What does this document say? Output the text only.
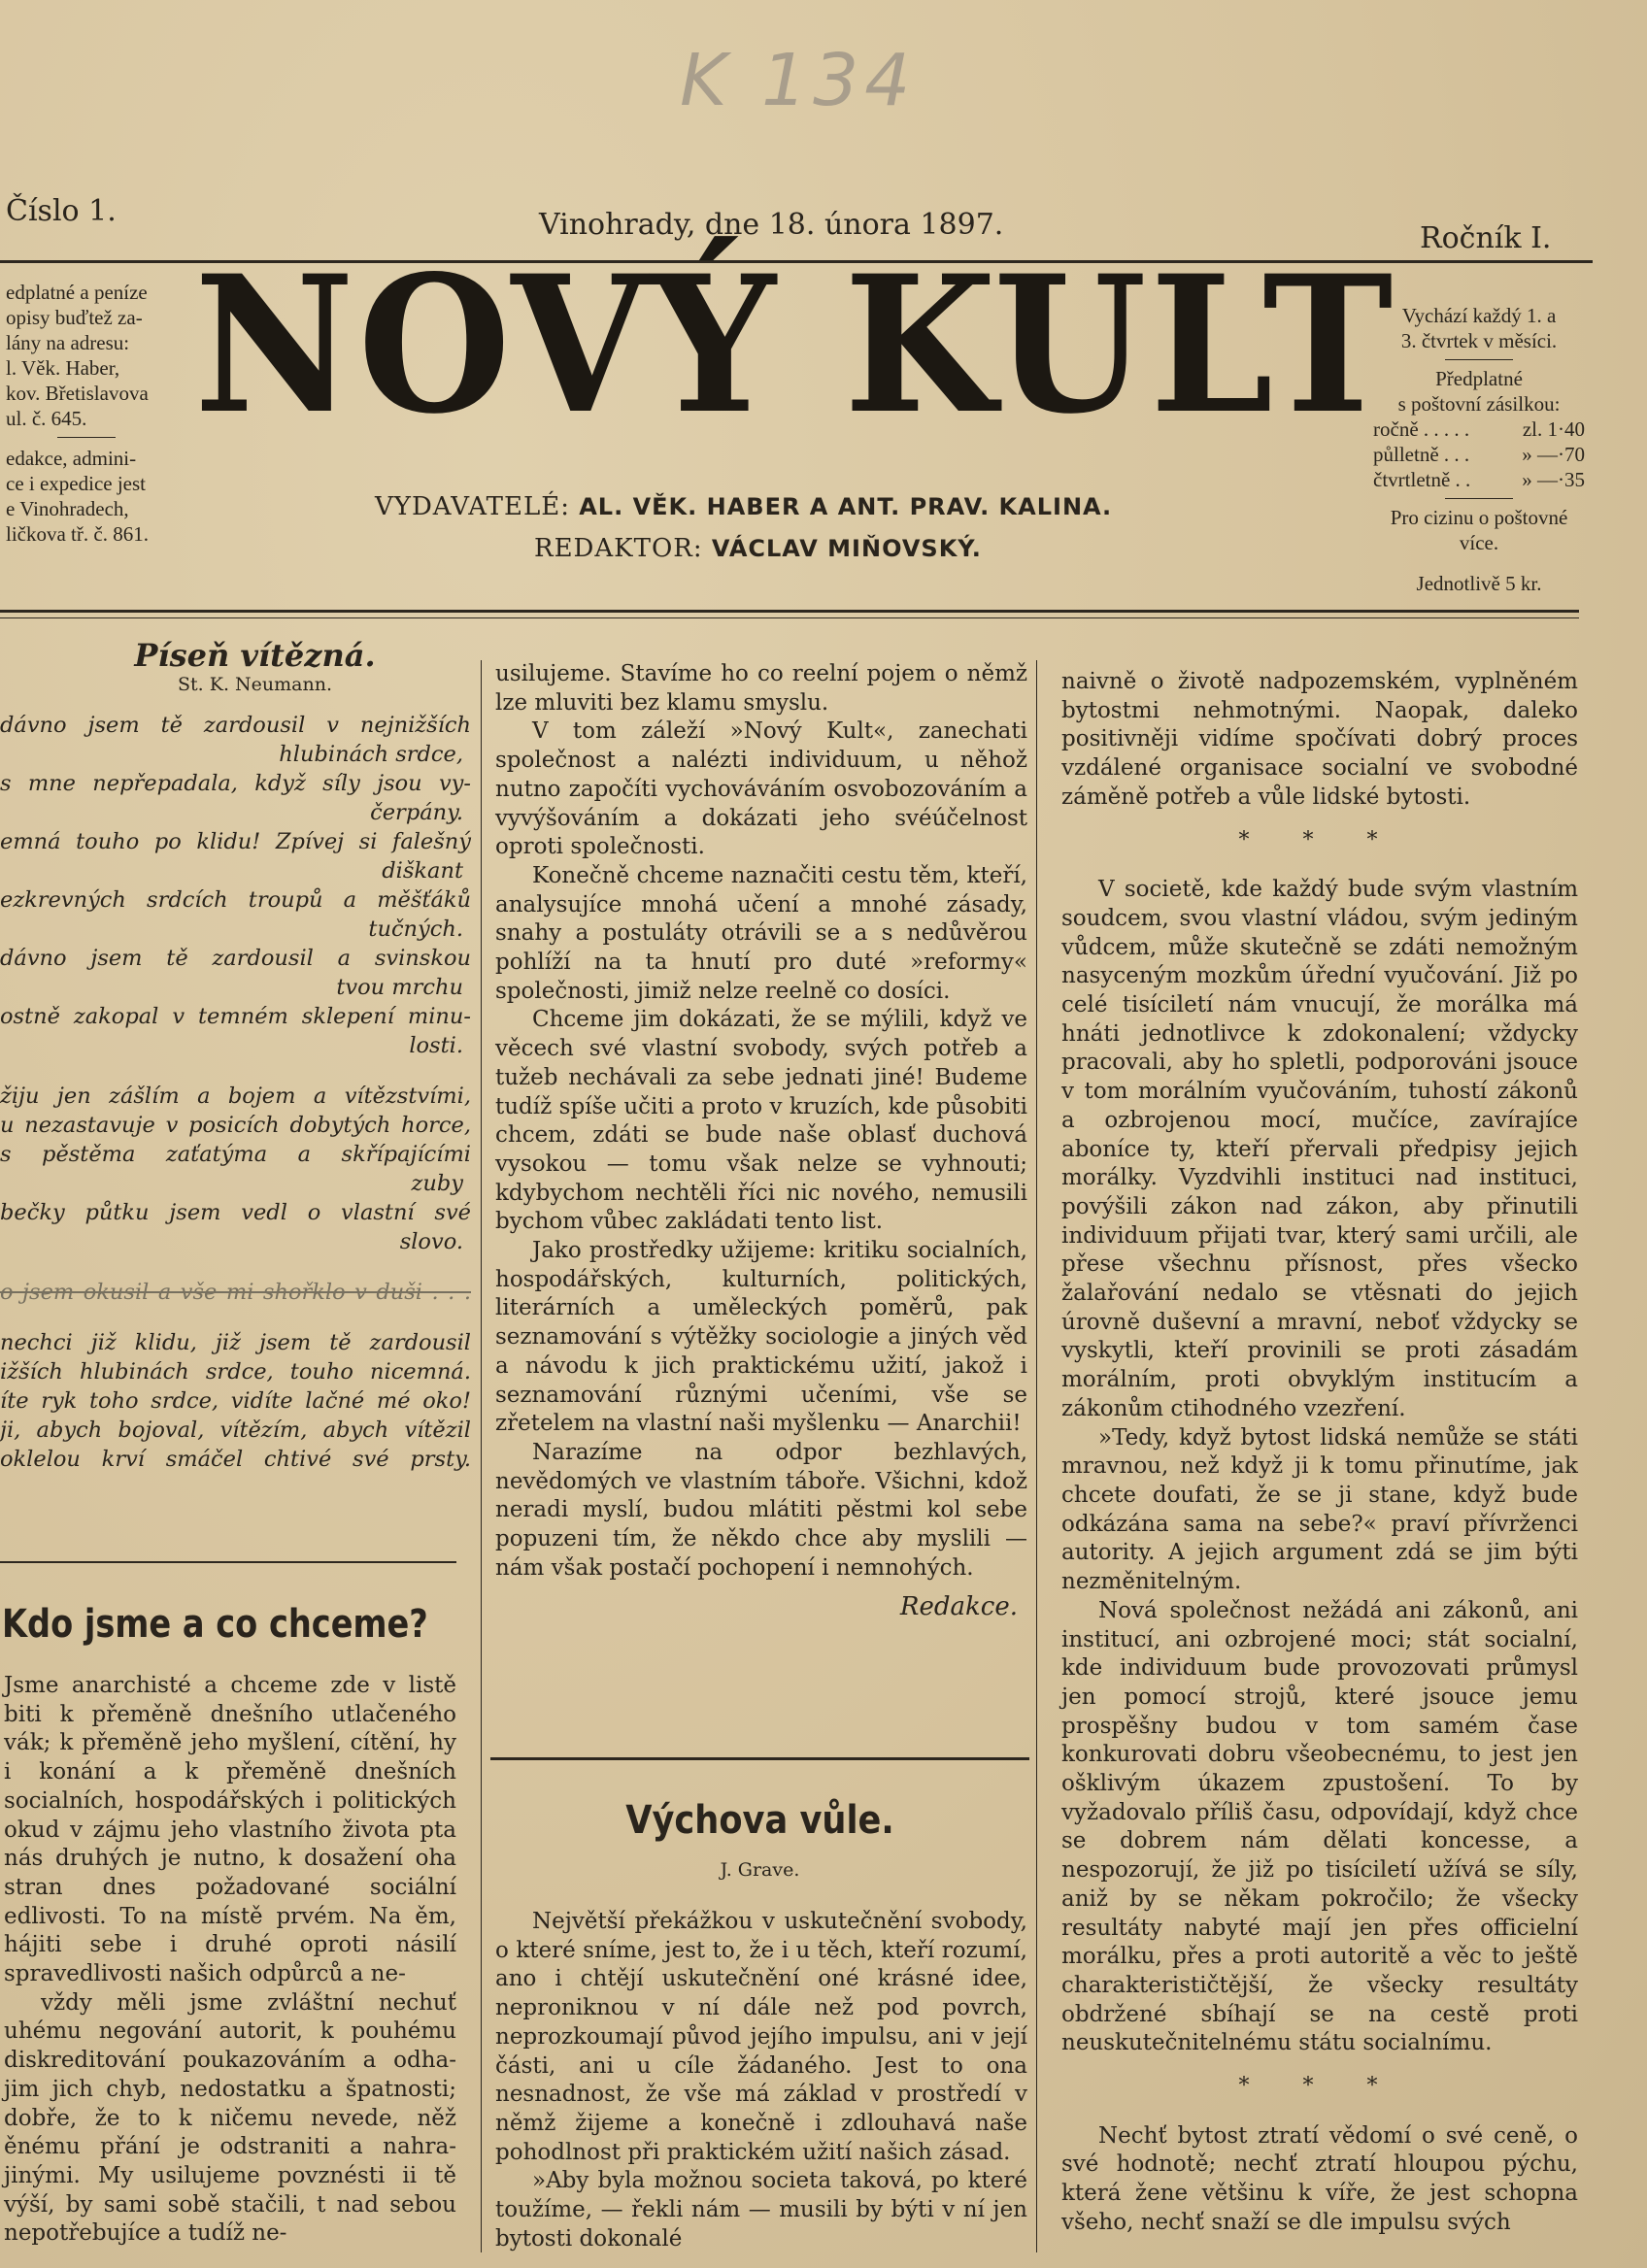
K 134
Číslo 1.	Vinohrady, dne 18. února 1897.	Ročník I.
edplatné a peníze
opisy buďtež za-
lány na adresu:
l. Věk. Haber,
kov. Břetislavova
ul. č. 645.
edakce, admini-
ce i expedice jest
e Vinohradech,
ličkova tř. č. 861.
NOVÝ KULT Vychází každý 1. a
3. čtvrtek v měsíci.
Předplatné
s poštovní zásilkou:
ročně . . . . .	zl. 1·40
půlletně . . .	» —·70
čtvrtletně . .	» —·35
Pro cizinu o poštovné
více.
Jednotlivě 5 kr.
VYDAVATELÉ: AL. VĚK. HABER A ANT. PRAV. KALINA.
REDAKTOR: VÁCLAV MIŇOVSKÝ.
Píseň vítězná.
St. K. Neumann.
dávno jsem tě zardousil v nejnižších
hlubinách srdce,
s mne nepřepadala, když síly jsou vy-
čerpány.
emná touho po klidu! Zpívej si falešný
diškant
ezkrevných srdcích troupů a měšťáků
tučných.
dávno jsem tě zardousil a svinskou
tvou mrchu
ostně zakopal v temném sklepení minu-
losti.
žiju jen zášlím a bojem a vítězstvími,
u nezastavuje v posicích dobytých horce,
s pěstěma zaťatýma a skřípajícími
zuby
bečky půtku jsem vedl o vlastní své
slovo.
o jsem okusil a vše mi shořklo v duši . . .
nechci již klidu, již jsem tě zardousil
ižších hlubinách srdce, touho nicemná.
íte ryk toho srdce, vidíte lačné mé oko!
ji, abych bojoval, vítězím, abych vítězil
oklelou krví smáčel chtivé své prsty.
Kdo jsme a co chceme?

Jsme anarchisté a chceme zde v listě biti k přeměně dnešního utlačeného vák; k přeměně jeho myšlení, cítění, hy i konání a k přeměně dnešních socialních, hospodářských i politických okud v zájmu jeho vlastního života pta nás druhých je nutno, k dosažení oha stran dnes požadované sociální edlivosti. To na místě prvém. Na ěm, hájiti sebe i druhé oproti násilí spravedlivosti našich odpůrců a ne-

vždy měli jsme zvláštní nechuť uhému negování autorit, k pouhému diskreditování poukazováním a odha- jim jich chyb, nedostatku a špatnosti; dobře, že to k ničemu nevede, něž ěnému přání je odstraniti a nahra- jinými. My usilujeme povznésti ii tě výší, by sami sobě stačili, t nad sebou nepotřebujíce a tudíž ne-

usilujeme. Stavíme ho co reelní pojem o němž lze mluviti bez klamu smyslu.

V tom záleží »Nový Kult«, zanechati společnost a nalézti individuum, u něhož nutno započíti vychováváním osvobozováním a vyvýšováním a dokázati jeho svéúčelnost oproti společnosti.

Konečně chceme naznačiti cestu těm, kteří, analysujíce mnohá učení a mnohé zásady, snahy a postuláty otrávili se a s nedůvěrou pohlíží na ta hnutí pro duté »reformy« společnosti, jimiž nelze reelně co dosíci.

Chceme jim dokázati, že se mýlili, když ve věcech své vlastní svobody, svých potřeb a tužeb nechávali za sebe jednati jiné! Budeme tudíž spíše učiti a proto v kruzích, kde působiti chcem, zdáti se bude naše oblasť duchová vysokou — tomu však nelze se vyhnouti; kdybychom nechtěli říci nic nového, nemusili bychom vůbec zakládati tento list.

Jako prostředky užijeme: kritiku socialních, hospodářských, kulturních, politických, literárních a uměleckých poměrů, pak seznamování s výtěžky sociologie a jiných věd a návodu k jich praktickému užití, jakož i seznamování různými učeními, vše se zřetelem na vlastní naši myšlenku — Anarchii!

Narazíme na odpor bezhlavých, nevědomých ve vlastním táboře. Všichni, kdož neradi myslí, budou mlátiti pěstmi kol sebe popuzeni tím, že někdo chce aby myslili — nám však postačí pochopení i nemnohých.

Redakce.
Výchova vůle.
J. Grave.

Největší překážkou v uskutečnění svobody, o které sníme, jest to, že i u těch, kteří rozumí, ano i chtějí uskutečnění oné krásné idee, neproniknou v ní dále než pod povrch, neprozkoumají původ jejího impulsu, ani v její části, ani u cíle žádaného. Jest to ona nesnadnost, že vše má základ v prostředí v němž žijeme a konečně i zdlouhavá naše pohodlnost při praktickém užití našich zásad.

»Aby byla možnou societa taková, po které toužíme, — řekli nám — musili by býti v ní jen bytosti dokonalé

naivně o životě nadpozemském, vyplněném bytostmi nehmotnými. Naopak, daleko positivněji vidíme spočívati dobrý proces vzdálené organisace socialní ve svobodné záměně potřeb a vůle lidské bytosti.

* * *

V societě, kde každý bude svým vlastním soudcem, svou vlastní vládou, svým jediným vůdcem, může skutečně se zdáti nemožným nasyceným mozkům úřední vyučování. Již po celé tisíciletí nám vnucují, že morálka má hnáti jednotlivce k zdokonalení; vždycky pracovali, aby ho spletli, podporováni jsouce v tom morálním vyučováním, tuhostí zákonů a ozbrojenou mocí, mučíce, zavírajíce aboníce ty, kteří přervali předpisy jejich morálky. Vyzdvihli instituci nad instituci, povýšili zákon nad zákon, aby přinutili individuum přijati tvar, který sami určili, ale přese všechnu přísnost, přes všecko žalařování nedalo se vtěsnati do jejich úrovně duševní a mravní, neboť vždycky se vyskytli, kteří provinili se proti zásadám morálním, proti obvyklým institucím a zákonům ctihodného vzezření.

»Tedy, když bytost lidská nemůže se státi mravnou, než když ji k tomu přinutíme, jak chcete doufati, že se ji stane, když bude odkázána sama na sebe?« praví přívrženci autority. A jejich argument zdá se jim býti nezměnitelným.

Nová společnost nežádá ani zákonů, ani institucí, ani ozbrojené moci; stát socialní, kde individuum bude provozovati průmysl jen pomocí strojů, které jsouce jemu prospěšny budou v tom samém čase konkurovati dobru všeobecnému, to jest jen ošklivým úkazem zpustošení. To by vyžadovalo příliš času, odpovídají, když chce se dobrem nám dělati koncesse, a nespozorují, že již po tisíciletí užívá se síly, aniž by se někam pokročilo; že všecky resultáty nabyté mají jen přes officielní morálku, přes a proti autoritě a věc to ještě charakterističtější, že všecky resultáty obdržené sbíhají se na cestě proti neuskutečnitelnému státu socialnímu.

* * *

Nechť bytost ztratí vědomí o své ceně, o své hodnotě; nechť ztratí hloupou pýchu, která žene většinu k víře, že jest schopna všeho, nechť snaží se dle impulsu svých
